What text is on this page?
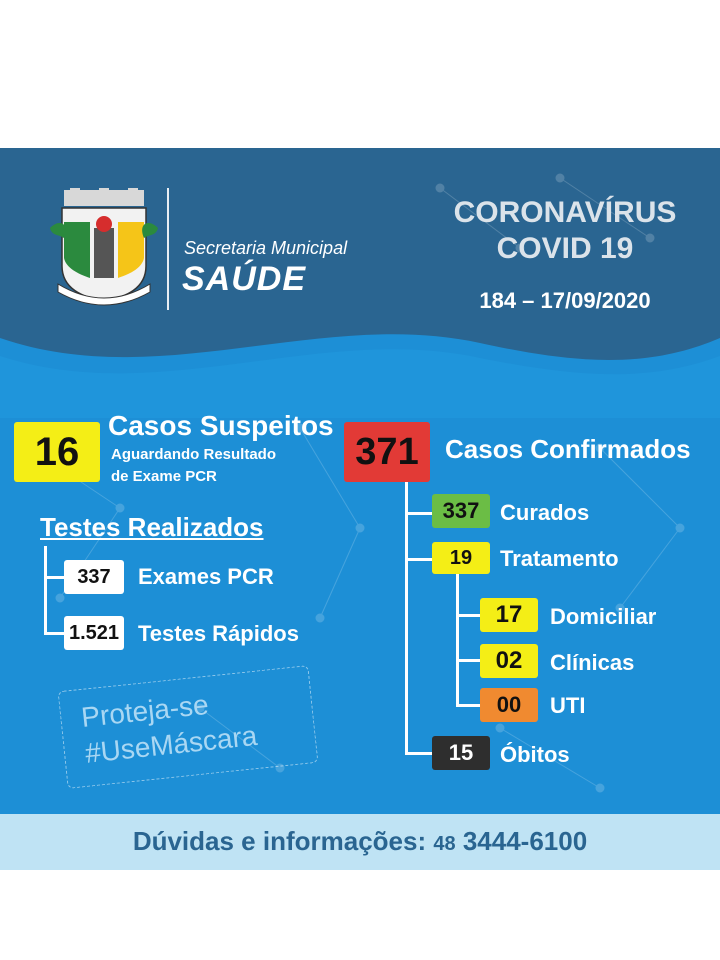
Secretaria Municipal
SAÚDE
CORONAVÍRUS
COVID 19
184 – 17/09/2020
16
Casos Suspeitos
Aguardando Resultado
de Exame PCR
Testes Realizados
337	Exames PCR
1.521 Testes Rápidos
Proteja-se
#UseMáscara
371	Casos Confirmados
337 Curados
19	Tratamento
17	Domiciliar
02	Clínicas
00	UTI
15	Óbitos
Dúvidas e informações: 48 3444-6100
